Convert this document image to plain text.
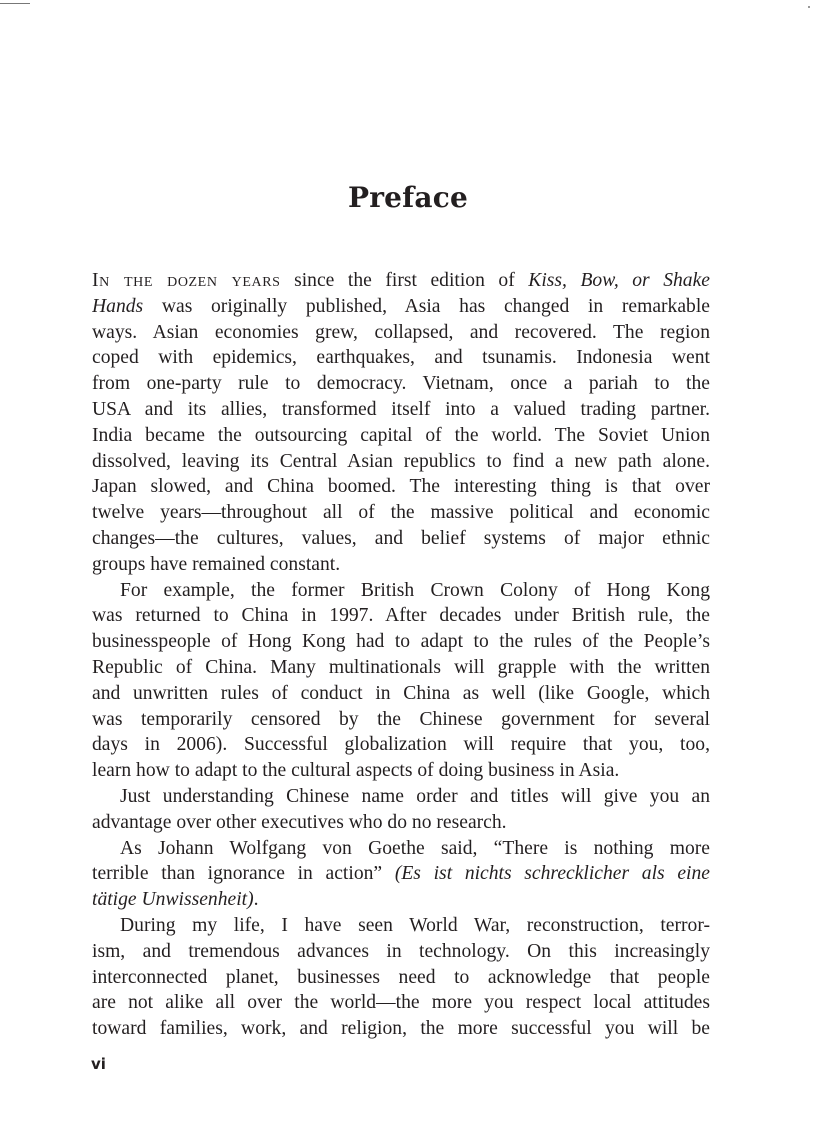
Preface
In the dozen years since the first edition of Kiss, Bow, or Shake
Hands was originally published, Asia has changed in remarkable
ways. Asian economies grew, collapsed, and recovered. The region
coped with epidemics, earthquakes, and tsunamis. Indonesia went
from one-party rule to democracy. Vietnam, once a pariah to the
USA and its allies, transformed itself into a valued trading partner.
India became the outsourcing capital of the world. The Soviet Union
dissolved, leaving its Central Asian republics to find a new path alone.
Japan slowed, and China boomed. The interesting thing is that over
twelve years—throughout all of the massive political and economic
changes—the cultures, values, and belief systems of major ethnic
groups have remained constant.
For example, the former British Crown Colony of Hong Kong
was returned to China in 1997. After decades under British rule, the
businesspeople of Hong Kong had to adapt to the rules of the People’s
Republic of China. Many multinationals will grapple with the written
and unwritten rules of conduct in China as well (like Google, which
was temporarily censored by the Chinese government for several
days in 2006). Successful globalization will require that you, too,
learn how to adapt to the cultural aspects of doing business in Asia.
Just understanding Chinese name order and titles will give you an
advantage over other executives who do no research.
As Johann Wolfgang von Goethe said, “There is nothing more
terrible than ignorance in action” (Es ist nichts schrecklicher als eine
tätige Unwissenheit).
During my life, I have seen World War, reconstruction, terror-
ism, and tremendous advances in technology. On this increasingly
interconnected planet, businesses need to acknowledge that people
are not alike all over the world—the more you respect local attitudes
toward families, work, and religion, the more successful you will be
vi
